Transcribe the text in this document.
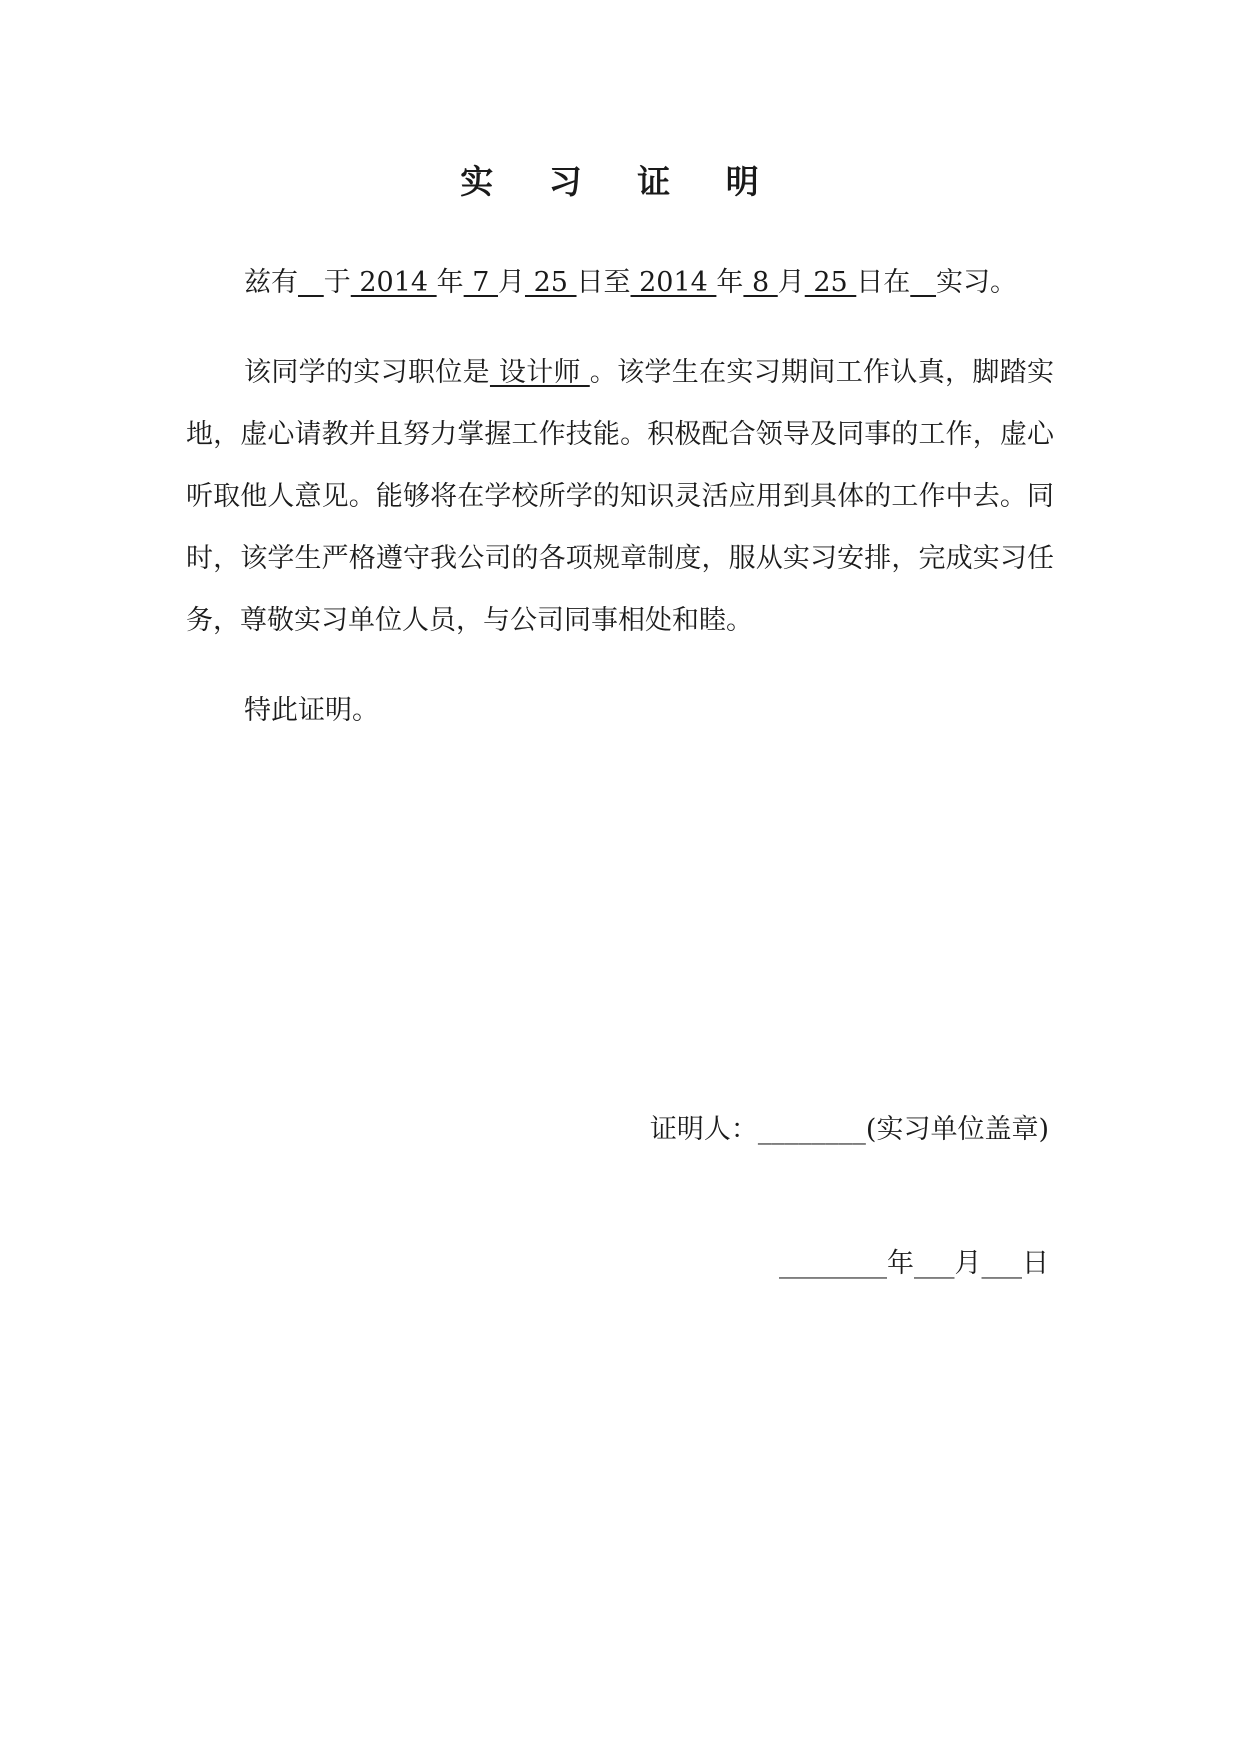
实 习 证 明

兹有 于 2014 年 7 月 25 日至 2014 年 8 月 25 日在 实习。

该同学的实习职位是 设计师 。该学生在实习期间工作认真，脚踏实地，虚心请教并且努力掌握工作技能。积极配合领导及同事的工作，虚心听取他人意见。能够将在学校所学的知识灵活应用到具体的工作中去。同时，该学生严格遵守我公司的各项规章制度，服从实习安排，完成实习任务，尊敬实习单位人员，与公司同事相处和睦。

特此证明。

证明人：________(实习单位盖章)
________年___月___日
